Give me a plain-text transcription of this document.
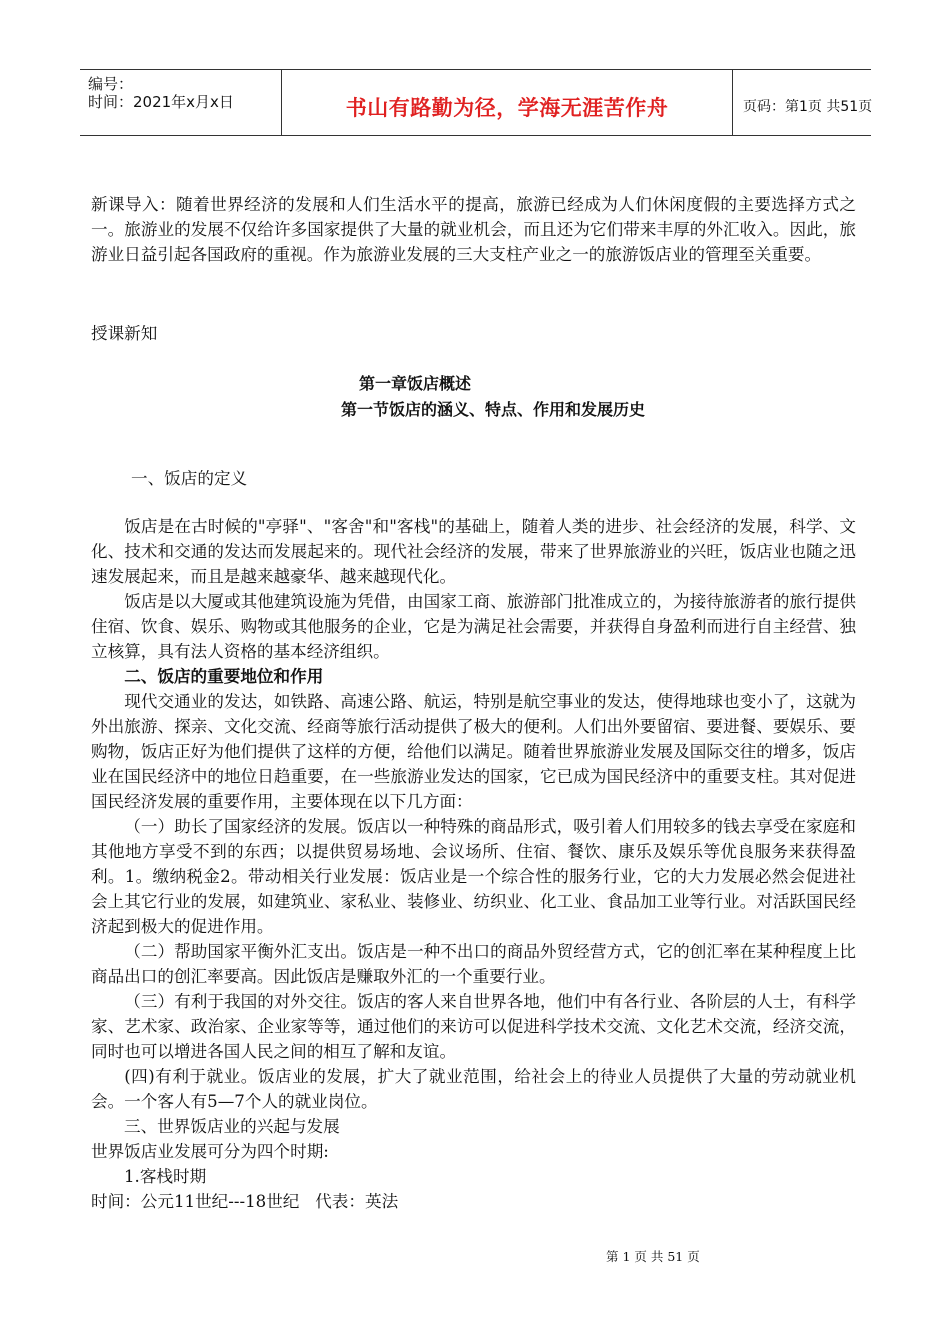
编号：
时间：2021年x月x日	书山有路勤为径，学海无涯苦作舟	页码：第1页 共51页

新课导入：随着世界经济的发展和人们生活水平的提高，旅游已经成为人们休闲度假的主要选择方式之一。旅游业的发展不仅给许多国家提供了大量的就业机会，而且还为它们带来丰厚的外汇收入。因此，旅游业日益引起各国政府的重视。作为旅游业发展的三大支柱产业之一的旅游饭店业的管理至关重要。

授课新知
第一章饭店概述
第一节饭店的涵义、特点、作用和发展历史
一、饭店的定义

饭店是在古时候的"亭驿"、"客舍"和"客栈"的基础上，随着人类的进步、社会经济的发展，科学、文化、技术和交通的发达而发展起来的。现代社会经济的发展，带来了世界旅游业的兴旺，饭店业也随之迅速发展起来，而且是越来越豪华、越来越现代化。

饭店是以大厦或其他建筑设施为凭借，由国家工商、旅游部门批准成立的，为接待旅游者的旅行提供住宿、饮食、娱乐、购物或其他服务的企业，它是为满足社会需要，并获得自身盈利而进行自主经营、独立核算，具有法人资格的基本经济组织。

二、饭店的重要地位和作用

现代交通业的发达，如铁路、高速公路、航运，特别是航空事业的发达，使得地球也变小了，这就为外出旅游、探亲、文化交流、经商等旅行活动提供了极大的便利。人们出外要留宿、要进餐、要娱乐、要购物，饭店正好为他们提供了这样的方便，给他们以满足。随着世界旅游业发展及国际交往的增多，饭店业在国民经济中的地位日趋重要，在一些旅游业发达的国家，它已成为国民经济中的重要支柱。其对促进国民经济发展的重要作用，主要体现在以下几方面：

（一）助长了国家经济的发展。饭店以一种特殊的商品形式，吸引着人们用较多的钱去享受在家庭和其他地方享受不到的东西；以提供贸易场地、会议场所、住宿、餐饮、康乐及娱乐等优良服务来获得盈利。1。缴纳税金2。带动相关行业发展：饭店业是一个综合性的服务行业，它的大力发展必然会促进社会上其它行业的发展，如建筑业、家私业、装修业、纺织业、化工业、食品加工业等行业。对活跃国民经济起到极大的促进作用。

（二）帮助国家平衡外汇支出。饭店是一种不出口的商品外贸经营方式，它的创汇率在某种程度上比商品出口的创汇率要高。因此饭店是赚取外汇的一个重要行业。

（三）有利于我国的对外交往。饭店的客人来自世界各地，他们中有各行业、各阶层的人士，有科学家、艺术家、政治家、企业家等等，通过他们的来访可以促进科学技术交流、文化艺术交流，经济交流，同时也可以增进各国人民之间的相互了解和友谊。

(四)有利于就业。饭店业的发展，扩大了就业范围，给社会上的待业人员提供了大量的劳动就业机会。一个客人有5—7个人的就业岗位。

三、世界饭店业的兴起与发展

世界饭店业发展可分为四个时期:

1.客栈时期

时间：公元11世纪---18世纪   代表：英法

第 1 页 共 51 页
